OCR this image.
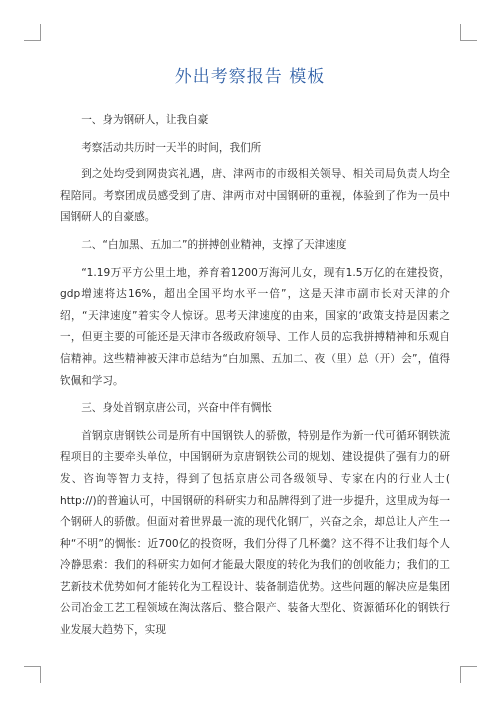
外出考察报告 模板

一、身为钢研人，让我自豪

考察活动共历时一天半的时间，我们所

到之处均受到网贵宾礼遇，唐、津两市的市级相关领导、相关司局负责人均全程陪同。考察团成员感受到了唐、津两市对中国钢研的重视，体验到了作为一员中国钢研人的自豪感。

二、“白加黑、五加二”的拼搏创业精神，支撑了天津速度

“1.19万平方公里土地，养育着1200万海河儿女，现有1.5万亿的在建投资，gdp增速将达16%，超出全国平均水平一倍”，这是天津市副市长对天津的介绍，“天津速度”着实令人惊讶。思考天津速度的由来，国家的‘政策支持是因素之一，但更主要的可能还是天津市各级政府领导、工作人员的忘我拼搏精神和乐观自信精神。这些精神被天津市总结为“白加黑、五加二、夜（里）总（开）会”，值得钦佩和学习。

三、身处首钢京唐公司，兴奋中伴有惆怅

首钢京唐钢铁公司是所有中国钢铁人的骄傲，特别是作为新一代可循环钢铁流程项目的主要牵头单位，中国钢研为京唐钢铁公司的规划、建设提供了强有力的研发、咨询等智力支持，得到了包括京唐公司各级领导、专家在内的行业人士( http://)的普遍认可，中国钢研的科研实力和品牌得到了进一步提升，这里成为每一个钢研人的骄傲。但面对着世界最一流的现代化钢厂，兴奋之余，却总让人产生一种“不明”的惆怅：近700亿的投资呀，我们分得了几杯羹？这不得不让我们每个人冷静思索：我们的科研实力如何才能最大限度的转化为我们的创收能力；我们的工艺新技术优势如何才能转化为工程设计、装备制造优势。这些问题的解决应是集团公司冶金工艺工程领域在淘汰落后、整合限产、装备大型化、资源循环化的钢铁行业发展大趋势下，实现
